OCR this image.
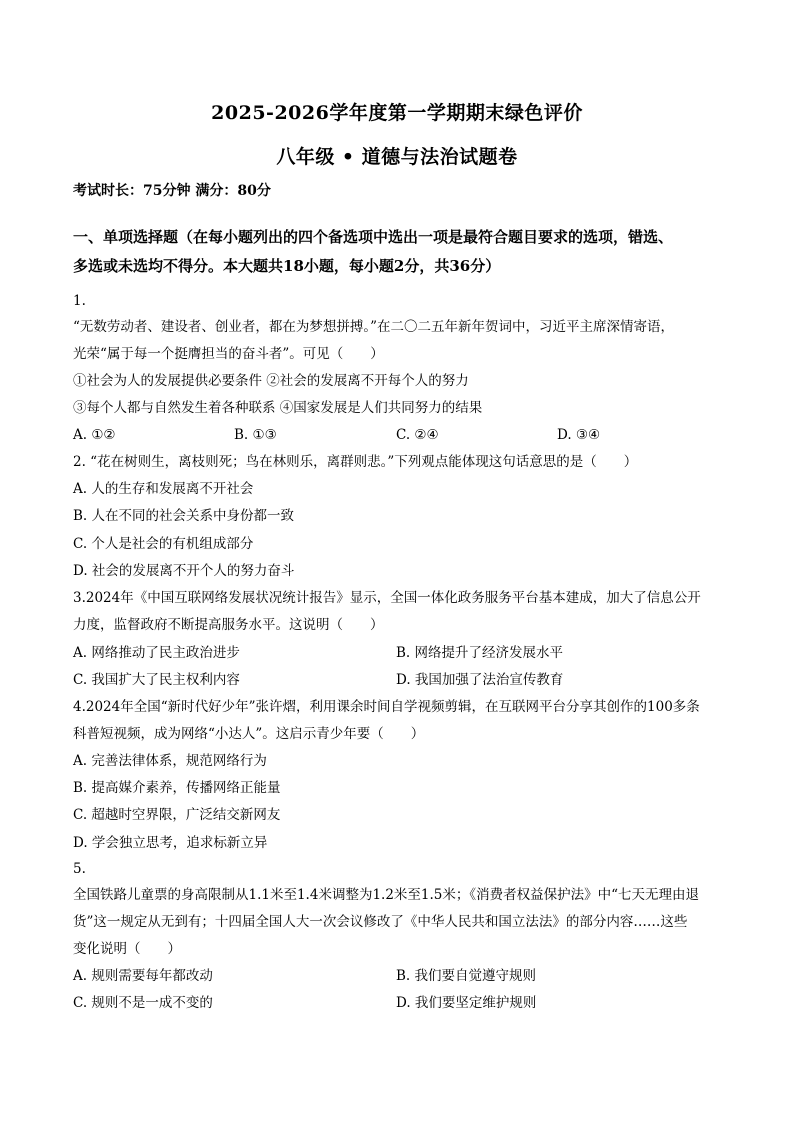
2025-2026学年度第一学期期末绿色评价
八年级 • 道德与法治试题卷
考试时长：75分钟 满分：80分
一、单项选择题（在每小题列出的四个备选项中选出一项是最符合题目要求的选项，错选、
多选或未选均不得分。本大题共18小题，每小题2分，共36分）
1.
“无数劳动者、建设者、创业者，都在为梦想拼搏。”在二〇二五年新年贺词中，习近平主席深情寄语，
光荣“属于每一个挺膺担当的奋斗者”。可见（　　）
①社会为人的发展提供必要条件 ②社会的发展离不开每个人的努力
③每个人都与自然发生着各种联系 ④国家发展是人们共同努力的结果
A. ①②	B. ①③	C. ②④	D. ③④
2. “花在树则生，离枝则死；鸟在林则乐，离群则悲。”下列观点能体现这句话意思的是（　　）
A. 人的生存和发展离不开社会
B. 人在不同的社会关系中身份都一致
C. 个人是社会的有机组成部分
D. 社会的发展离不开个人的努力奋斗
3.2024年《中国互联网络发展状况统计报告》显示，全国一体化政务服务平台基本建成，加大了信息公开
力度，监督政府不断提高服务水平。这说明（　　）
A. 网络推动了民主政治进步	B. 网络提升了经济发展水平
C. 我国扩大了民主权利内容	D. 我国加强了法治宣传教育
4.2024年全国“新时代好少年”张许熠，利用课余时间自学视频剪辑，在互联网平台分享其创作的100多条
科普短视频，成为网络“小达人”。这启示青少年要（　　）
A. 完善法律体系，规范网络行为
B. 提高媒介素养，传播网络正能量
C. 超越时空界限，广泛结交新网友
D. 学会独立思考，追求标新立异
5.
全国铁路儿童票的身高限制从1.1米至1.4米调整为1.2米至1.5米；《消费者权益保护法》中“七天无理由退
货”这一规定从无到有；十四届全国人大一次会议修改了《中华人民共和国立法法》的部分内容……这些
变化说明（　　）
A. 规则需要每年都改动	B. 我们要自觉遵守规则
C. 规则不是一成不变的	D. 我们要坚定维护规则
